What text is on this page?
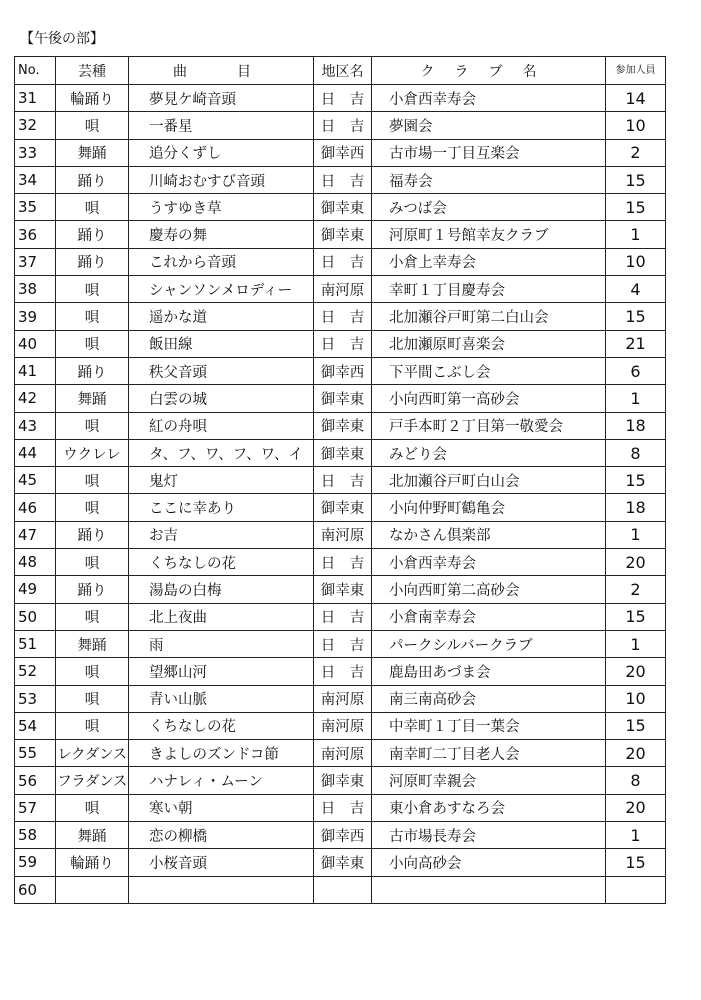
【午後の部】
No.	芸種	曲　目	地区名	クラブ名	参加人員
31	輪踊り	夢見ケ崎音頭	日　吉	小倉西幸寿会	14
32	唄	一番星	日　吉	夢園会	10
33	舞踊	追分くずし	御幸西	古市場一丁目互楽会	2
34	踊り	川崎おむすび音頭	日　吉	福寿会	15
35	唄	うすゆき草	御幸東	みつば会	15
36	踊り	慶寿の舞	御幸東	河原町１号館幸友クラブ	1
37	踊り	これから音頭	日　吉	小倉上幸寿会	10
38	唄	シャンソンメロディー	南河原	幸町１丁目慶寿会	4
39	唄	遥かな道	日　吉	北加瀬谷戸町第二白山会	15
40	唄	飯田線	日　吉	北加瀬原町喜楽会	21
41	踊り	秩父音頭	御幸西	下平間こぶし会	6
42	舞踊	白雲の城	御幸東	小向西町第一高砂会	1
43	唄	紅の舟唄	御幸東	戸手本町２丁目第一敬愛会	18
44	ウクレレ	タ、フ、ワ、フ、ワ、イ	御幸東	みどり会	8
45	唄	鬼灯	日　吉	北加瀬谷戸町白山会	15
46	唄	ここに幸あり	御幸東	小向仲野町鶴亀会	18
47	踊り	お吉	南河原	なかさん倶楽部	1
48	唄	くちなしの花	日　吉	小倉西幸寿会	20
49	踊り	湯島の白梅	御幸東	小向西町第二高砂会	2
50	唄	北上夜曲	日　吉	小倉南幸寿会	15
51	舞踊	雨	日　吉	パークシルバークラブ	1
52	唄	望郷山河	日　吉	鹿島田あづま会	20
53	唄	青い山脈	南河原	南三南高砂会	10
54	唄	くちなしの花	南河原	中幸町１丁目一葉会	15
55	レクダンス	きよしのズンドコ節	南河原	南幸町二丁目老人会	20
56	フラダンス	ハナレィ・ムーン	御幸東	河原町幸親会	8
57	唄	寒い朝	日　吉	東小倉あすなろ会	20
58	舞踊	恋の柳橋	御幸西	古市場長寿会	1
59	輪踊り	小桜音頭	御幸東	小向高砂会	15
60					
